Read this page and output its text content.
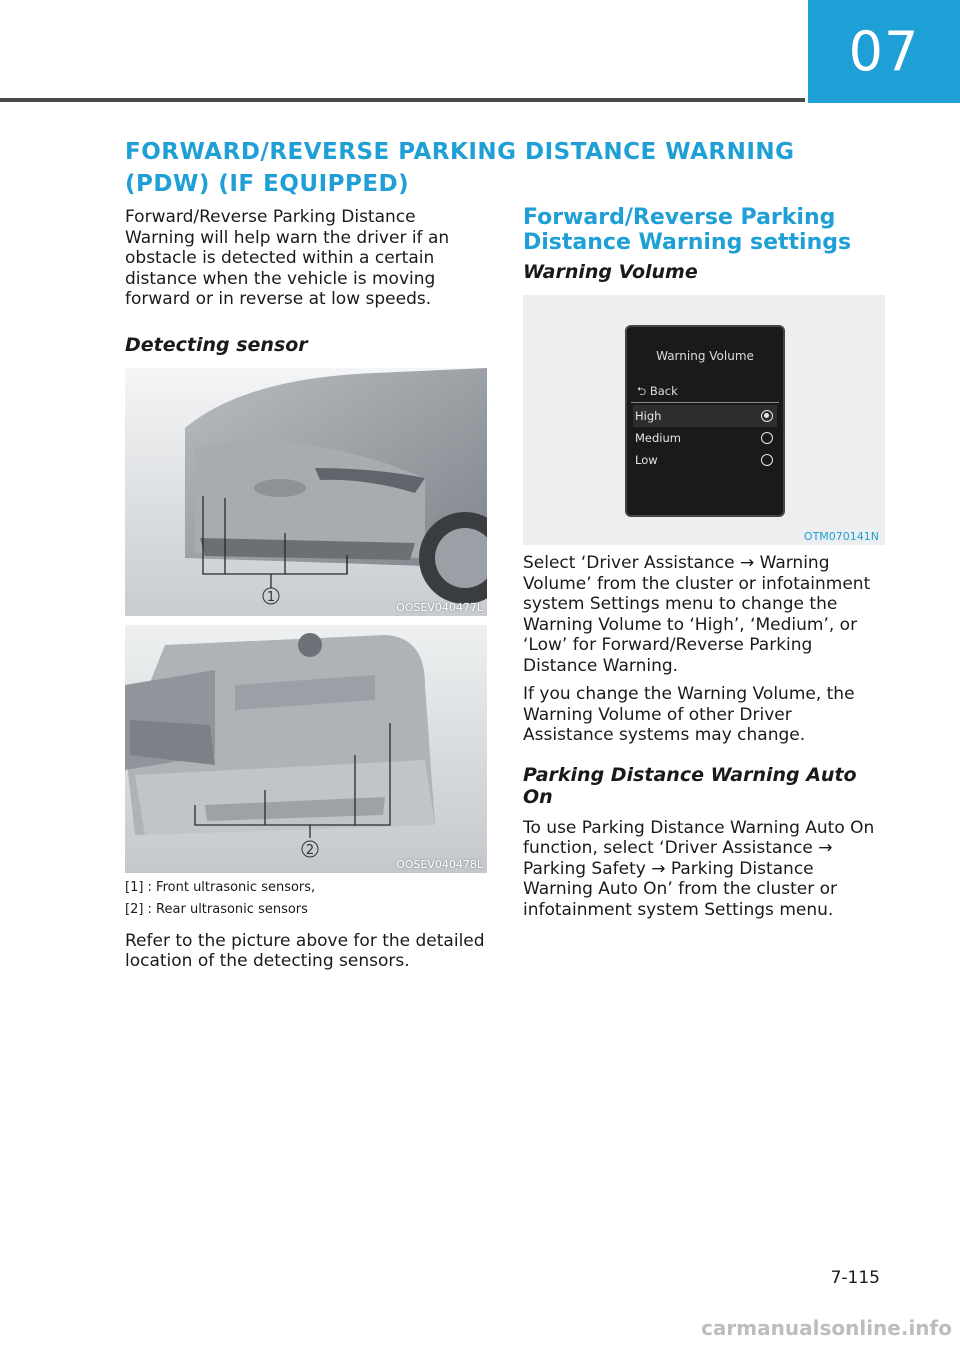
07
FORWARD/REVERSE PARKING DISTANCE WARNING (PDW) (IF EQUIPPED)

Forward/Reverse Parking Distance Warning will help warn the driver if an obstacle is detected within a certain distance when the vehicle is moving forward or in reverse at low speeds.

Detecting sensor
1
OOSEV040477L
2
OOSEV040478L

[1] : Front ultrasonic sensors,

[2] : Rear ultrasonic sensors

Refer to the picture above for the detailed location of the detecting sensors.

Forward/Reverse Parking Distance Warning settings
Warning Volume
Warning Volume
⮌ Back
High
Medium
Low
OTM070141N

Select ‘Driver Assistance → Warning Volume’ from the cluster or infotainment system Settings menu to change the Warning Volume to ‘High’, ‘Medium’, or ‘Low’ for Forward/Reverse Parking Distance Warning.

If you change the Warning Volume, the Warning Volume of other Driver Assistance systems may change.

Parking Distance Warning Auto On

To use Parking Distance Warning Auto On function, select ‘Driver Assistance → Parking Safety → Parking Distance Warning Auto On’ from the cluster or infotainment system Settings menu.

7-115
carmanualsonline.info
